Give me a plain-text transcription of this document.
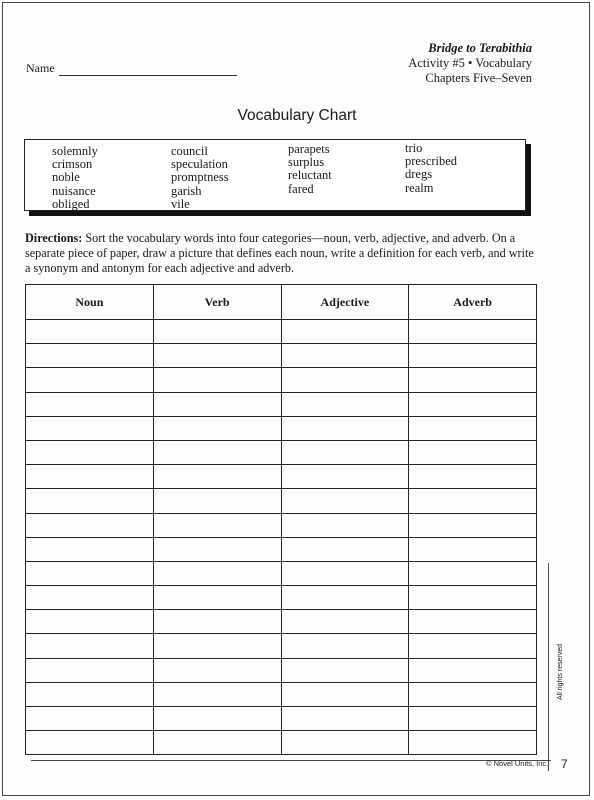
Name
Bridge to Terabithia
Activity #5 • Vocabulary
Chapters Five–Seven
Vocabulary Chart
solemnly
crimson
noble
nuisance
obliged
council
speculation
promptness
garish
vile
parapets
surplus
reluctant
fared
trio
prescribed
dregs
realm
Directions: Sort the vocabulary words into four categories—noun, verb, adjective, and adverb. On a separate piece of paper, draw a picture that defines each noun, write a definition for each verb, and write a synonym and antonym for each adjective and adverb.
Noun	Verb	Adjective	Adverb

All rights reserved
© Novel Units, Inc. 7
